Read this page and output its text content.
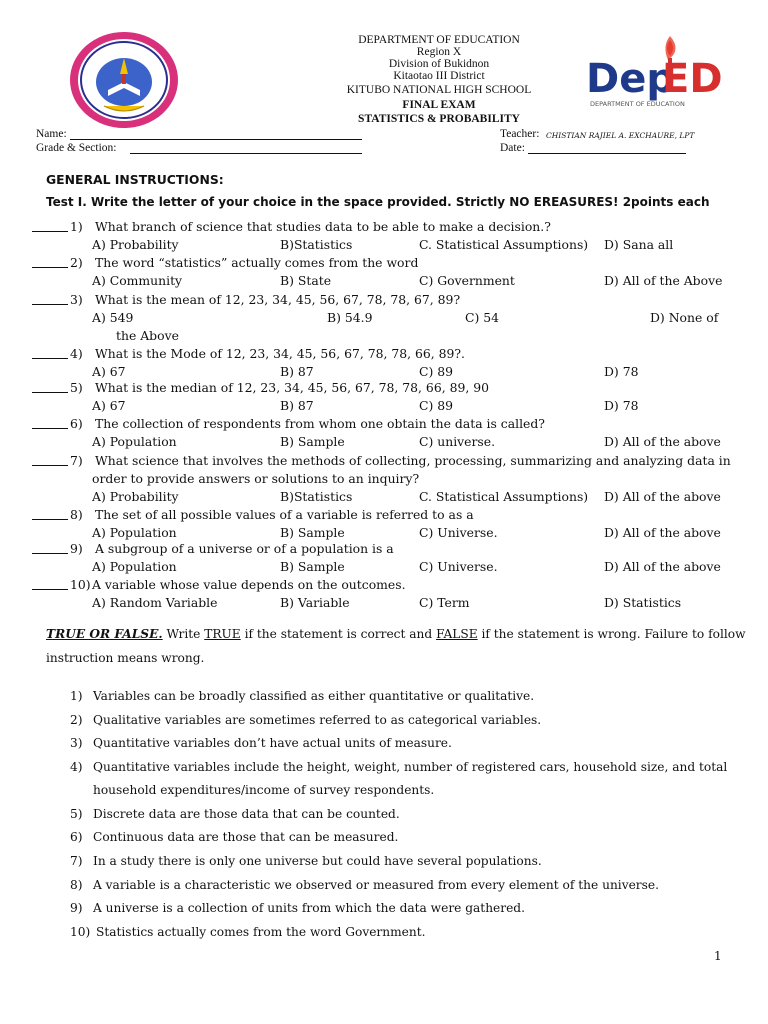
Dep
ED
DEPARTMENT OF EDUCATION
DEPARTMENT OF EDUCATION
Region X
Division of Bukidnon
Kitaotao III District
KITUBO NATIONAL HIGH SCHOOL
FINAL EXAM
STATISTICS & PROBABILITY
Name:
Grade & Section:
Teacher: CHISTIAN RAJIEL A. EXCHAURE, LPT
Date:
GENERAL INSTRUCTIONS:
Test I. Write the letter of your choice in the space provided. Strictly NO EREASURES! 2points each
1) What branch of science that studies data to be able to make a decision.?
A) Probability	B)Statistics	C. Statistical Assumptions) D) Sana all
2) The word “statistics” actually comes from the word
A) Community	B) State	C) Government	D) All of the Above
3) What is the mean of 12, 23, 34, 45, 56, 67, 78, 78, 67, 89?
A) 549	B) 54.9	C) 54	D) None of
the Above
4) What is the Mode of 12, 23, 34, 45, 56, 67, 78, 78, 66, 89?.
A) 67	B) 87	C) 89	D) 78
5) What is the median of 12, 23, 34, 45, 56, 67, 78, 78, 66, 89, 90
A) 67	B) 87	C) 89	D) 78
6) The collection of respondents from whom one obtain the data is called?
A) Population	B) Sample	C) universe.	D) All of the above
7) What science that involves the methods of collecting, processing, summarizing and analyzing data in
order to provide answers or solutions to an inquiry?
A) Probability	B)Statistics	C. Statistical Assumptions) D) All of the above
8) The set of all possible values of a variable is referred to as a
A) Population	B) Sample	C) Universe.	D) All of the above
9) A subgroup of a universe or of a population is a
A) Population	B) Sample	C) Universe.	D) All of the above
10) A variable whose value depends on the outcomes.
A) Random Variable	B) Variable	C) Term	D) Statistics
TRUE OR FALSE. Write TRUE if the statement is correct and FALSE if the statement is wrong. Failure to follow
instruction means wrong.
1) Variables can be broadly classified as either quantitative or qualitative.
2) Qualitative variables are sometimes referred to as categorical variables.
3) Quantitative variables don’t have actual units of measure.
4) Quantitative variables include the height, weight, number of registered cars, household size, and total
household expenditures/income of survey respondents.
5) Discrete data are those data that can be counted.
6) Continuous data are those that can be measured.
7) In a study there is only one universe but could have several populations.
8) A variable is a characteristic we observed or measured from every element of the universe.
9) A universe is a collection of units from which the data were gathered.
10) Statistics actually comes from the word Government.
1
